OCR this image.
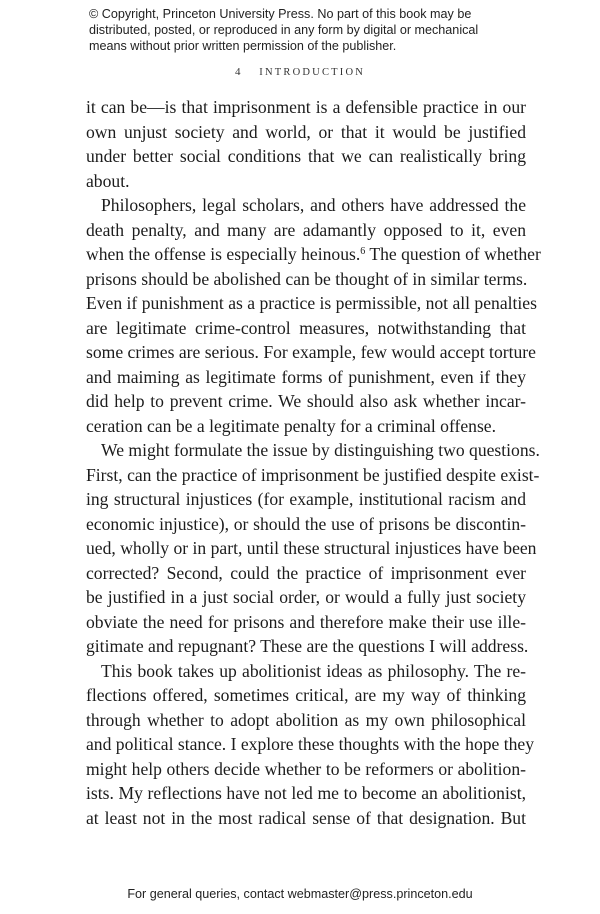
© Copyright, Princeton University Press. No part of this book may be
distributed, posted, or reproduced in any form by digital or mechanical
means without prior written permission of the publisher.
4 INTRODUCTION
it can be—is that imprisonment is a defensible practice in our
own unjust society and world, or that it would be justified
under better social conditions that we can realistically bring
about.
Philosophers, legal scholars, and others have addressed the
death penalty, and many are adamantly opposed to it, even
when the offense is especially heinous.$^6$ The question of whether
prisons should be abolished can be thought of in similar terms.
Even if punishment as a practice is permissible, not all penalties
are legitimate crime-control measures, notwithstanding that
some crimes are serious. For example, few would accept torture
and maiming as legitimate forms of punishment, even if they
did help to prevent crime. We should also ask whether incar-
ceration can be a legitimate penalty for a criminal offense.
We might formulate the issue by distinguishing two questions.
First, can the practice of imprisonment be justified despite exist-
ing structural injustices (for example, institutional racism and
economic injustice), or should the use of prisons be discontin-
ued, wholly or in part, until these structural injustices have been
corrected? Second, could the practice of imprisonment ever
be justified in a just social order, or would a fully just society
obviate the need for prisons and therefore make their use ille-
gitimate and repugnant? These are the questions I will address.
This book takes up abolitionist ideas as philosophy. The re-
flections offered, sometimes critical, are my way of thinking
through whether to adopt abolition as my own philosophical
and political stance. I explore these thoughts with the hope they
might help others decide whether to be reformers or abolition-
ists. My reflections have not led me to become an abolitionist,
at least not in the most radical sense of that designation. But
For general queries, contact webmaster@press.princeton.edu
